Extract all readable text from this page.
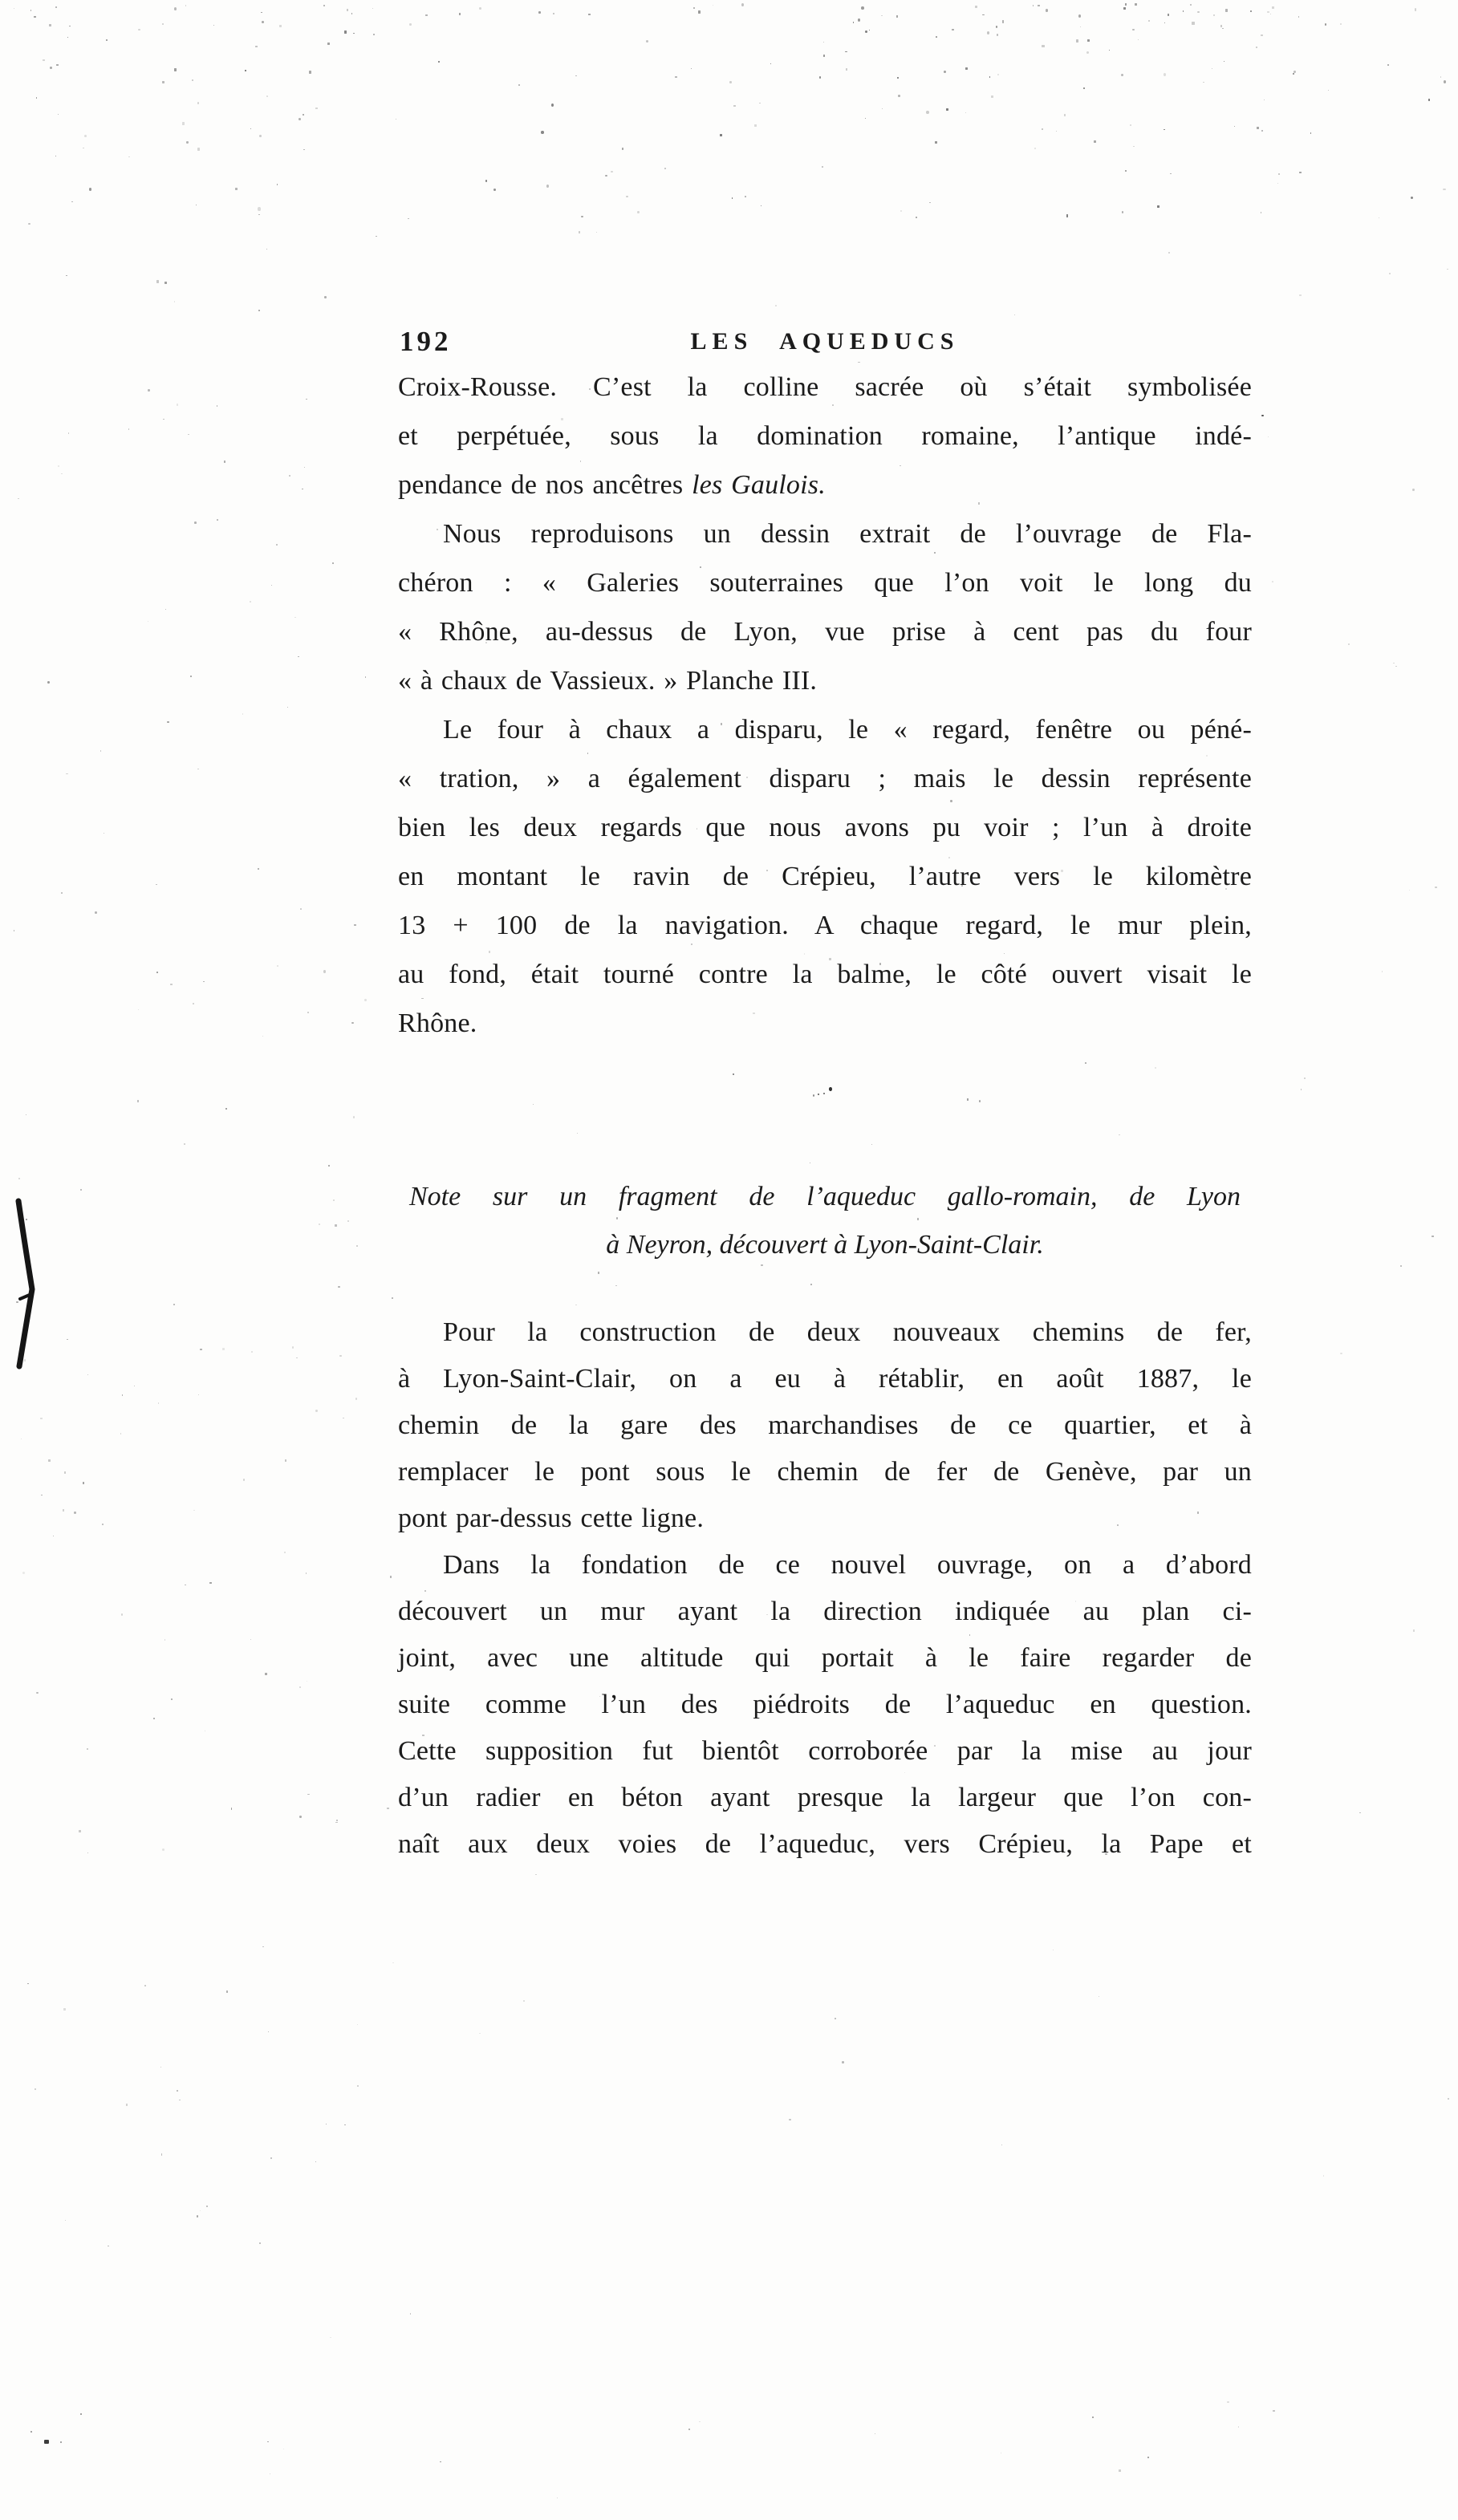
192	LES AQUEDUCS
Croix-Rousse. C’est la colline sacrée où s’était symbolisée
et perpétuée, sous la domination romaine, l’antique indé-
pendance de nos ancêtres les Gaulois.
Nous reproduisons un dessin extrait de l’ouvrage de Fla-
chéron : « Galeries souterraines que l’on voit le long du
« Rhône, au-dessus de Lyon, vue prise à cent pas du four
« à chaux de Vassieux. » Planche III.
Le four à chaux a disparu, le « regard, fenêtre ou péné-
« tration, » a également disparu ; mais le dessin représente
bien les deux regards que nous avons pu voir ; l’un à droite
en montant le ravin de Crépieu, l’autre vers le kilomètre
13 + 100 de la navigation. A chaque regard, le mur plein,
au fond, était tourné contre la balme, le côté ouvert visait le
Rhône.
Note sur un fragment de l’aqueduc gallo-romain, de Lyon
à Neyron, découvert à Lyon-Saint-Clair.
Pour la construction de deux nouveaux chemins de fer,
à Lyon-Saint-Clair, on a eu à rétablir, en août 1887, le
chemin de la gare des marchandises de ce quartier, et à
remplacer le pont sous le chemin de fer de Genève, par un
pont par-dessus cette ligne.
Dans la fondation de ce nouvel ouvrage, on a d’abord
découvert un mur ayant la direction indiquée au plan ci-
joint, avec une altitude qui portait à le faire regarder de
suite comme l’un des piédroits de l’aqueduc en question.
Cette supposition fut bientôt corroborée par la mise au jour
d’un radier en béton ayant presque la largeur que l’on con-
naît aux deux voies de l’aqueduc, vers Crépieu, la Pape et
